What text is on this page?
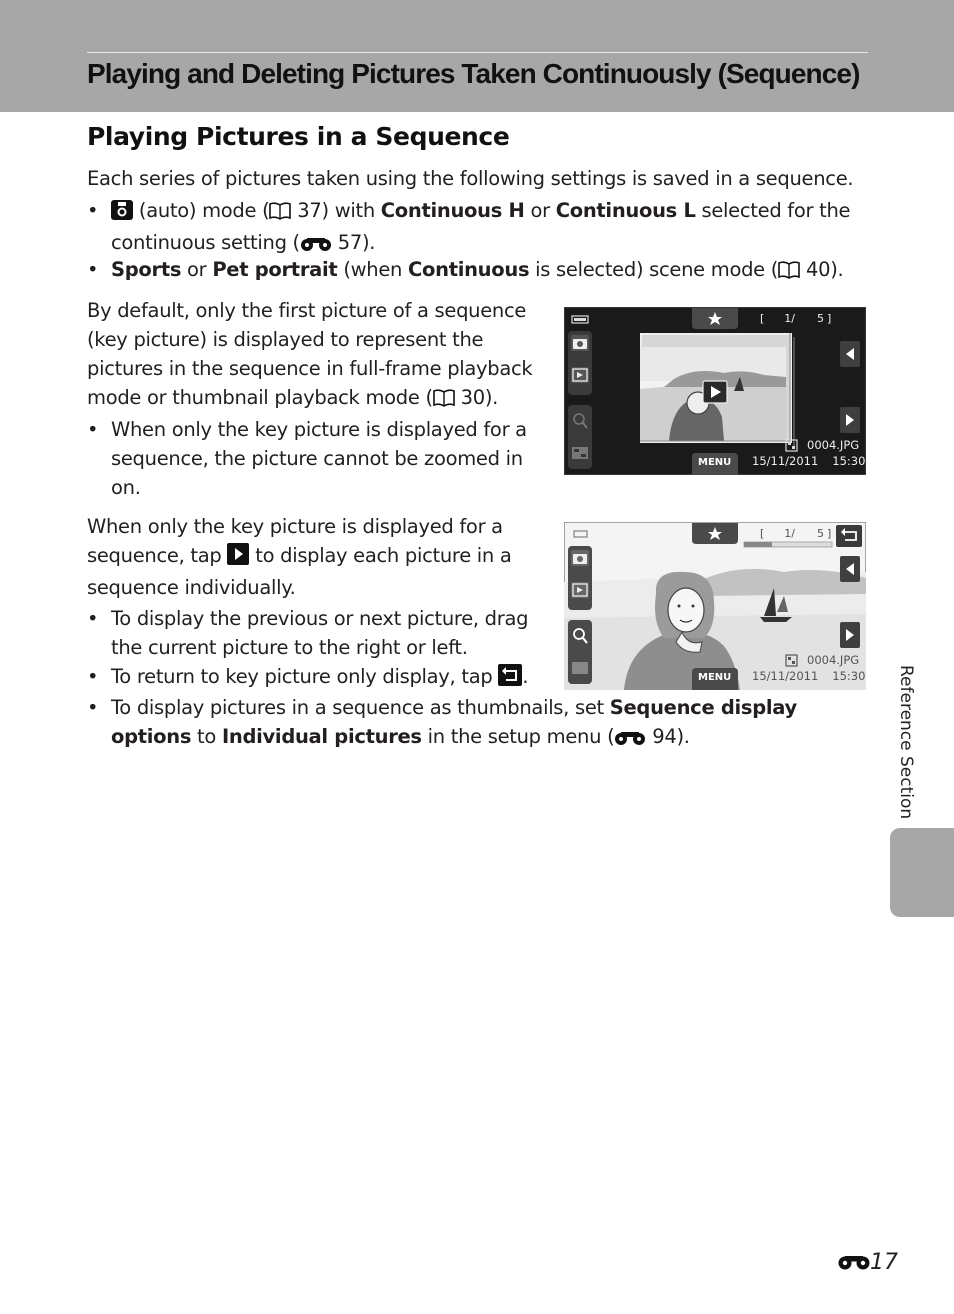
Playing and Deleting Pictures Taken Continuously (Sequence)
Playing Pictures in a Sequence
Each series of pictures taken using the following settings is saved in a sequence.
•	(auto) mode ( 37) with Continuous H or Continuous L selected for the
continuous setting ( 57).
• Sports or Pet portrait (when Continuous is selected) scene mode ( 40).
By default, only the first picture of a sequence
(key picture) is displayed to represent the
pictures in the sequence in full-frame playback
mode or thumbnail playback mode ( 30).
• When only the key picture is displayed for a
sequence, the picture cannot be zoomed in
on.
When only the key picture is displayed for a
sequence, tap  to display each picture in a
sequence individually.
• To display the previous or next picture, drag
the current picture to the right or left.
• To return to key picture only display, tap .
• To display pictures in a sequence as thumbnails, set Sequence display
options to Individual pictures in the setup menu ( 94).
[ 1/ 5 ]
MENU
0004.JPG
15/11/2011 15:30
[ 1/ 5 ]
MENU
0004.JPG
15/11/2011 15:30 Reference Section
17
